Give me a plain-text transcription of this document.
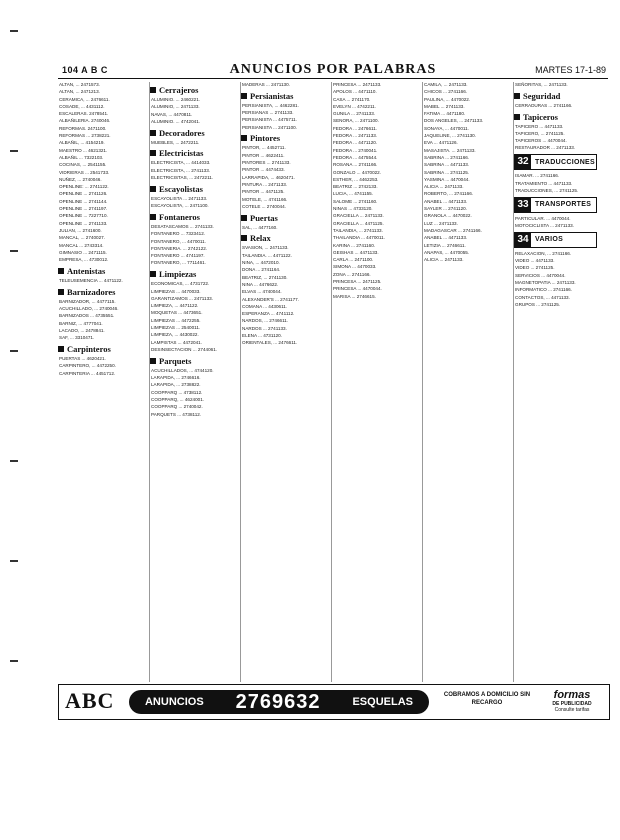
104 A B C	ANUNCIOS POR PALABRAS	MARTES 17-1-89
ALTAN, ... 2471573.
ALTAN, ... 2471213.
CERAMICA, ... 2476611.
COSADE, ... 4431112.
ESCALERAS. 2478541.
ALBAÑILERIA. 2740046.
REFORMAS. 2471100.
REFORMAS ... 2738221.
ALBAÑIL, ... 4154219.
MAESTRO ... 4621321.
ALBAÑIL ... 7322103.
COCINAS, ... 2541155.
VIDRIERAS ... 2541733.
NUÑEZ, ... 2740046.
OPENLINE: ... 2741122.
OPENLINE ... 2741126.
OPENLINE ... 2741144.
OPENLINE ... 2741197.
OPENLINE ... 7227710.
OPENLINE ... 2741133.
JULIAN, ... 2741600.
MANCAL, ... 2740027.
MANCAL ... 2743314.
GIMNASIO ... 2471115.
EMPRESA, ... 4730012.
Antenistas
TELEUSEMENCIA ... 4471122.
Barnizadores
BARNIZADOR, ... 4477115.
ACUCHILLADO, ... 2740046.
BARNIZADOS ... 4735551.
BARNIZ, ... 4777041.
LACADO, ... 2478841.
SAF, ... 3310471.
Carpinteros
PUERTAS ... 4620421.
CARPINTERO, ... 4472250.
CARPINTERIA ... 4451712.
Cerrajeros
ALUMINIO. ... 2460221.
ALUMINIO, ... 2471133.
NAVAS, ... 4470811.
ALUMINIO. ... 4742041.
Decoradores
MUEBLES, ... 2472211.
Electricistas
ELECTRICISTA, ... 4414033.
ELECTRICISTA, ... 2741133.
ELECTRICISTAS, ... 2472211.
Escayolistas
ESCAYOLISTA ... 2471133.
ESCAYOLISTA, ... 2471100.
Fontaneros
DESATASCAMOS ... 2741133.
FONTANERO ... 7323412.
FONTANERO, ... 4470011.
FONTANERIA. ... 2742122.
FONTANERO ... 4741197.
FONTANERO, ... 7711461.
Limpiezas
ECONOMICAS, ... 4731722.
LIMPIEZAS ... 4470033.
GARANTIZAMOS ... 2471133.
LIMPIEZA, ... 4471122.
MOQUETAS ... 4473651.
LIMPIEZAS ... 4472255.
LIMPIEZAS ... 2540011.
LIMPIEZA, ... 4430022.
LAMPISTAS ... 4472041.
DESINSECTACION ... 2744061.
Parquets
ACUCHILLADOS, ... 4744120.
LARAPIDA, ... 2746616.
LARAPIDA, ... 2738822.
COOPPARQ ... 4738112.
COOPPARQ, ... 4624001.
COOPPARQ ... 2740042.
PARQUETS ... 4738112.
MADERAS ... 2471130.
Persianistas
PERSIANISTA, ... 4462281.
PERSIANAS ... 2741133.
PERSIANISTA ... 4475711.
PERSIANISTA ... 2471100.
Pintores
PINTOR, ... 4452711.
PINTOR ... 4622411.
PINTORES ... 2741133.
PINTOR ... 4474433.
LARRAPIDA, ... 4620471.
PINTURA ... 2471133.
PINTOR ... 4471125.
MOTELE, ... 4741166.
COTELE ... 2740044.
Puertas
SAL, ... 4477160.
Relax
SVASION, ... 2471133.
TAILANDIA. ... 4471122.
NINA, ... 4472010.
DONA ... 2741164.
BEATRIZ, ... 2741130.
NINA ... 4476622.
ELVAS ... 4740044.
ALEXANDER'S ... 2741177.
COMANA ... 4430611.
ESPERANZA ... 4741112.
NARDOS, ... 2746611.
NARDOS ... 2741133.
ELENA ... 4731120.
ORIENTALES, ... 2476611.
PRINCESA ... 2471133.
APOLOS ... 4471110.
CASA ... 2741170.
EVELYN ... 4742211.
GUNILA ... 2741133.
SENORA, ... 2471100.
FEDORA ... 2476611.
FEDORA ... 2471133.
FEDORA ... 4471120.
FEDORA ... 2740041.
FEDORA ... 4475544.
ROSANA ... 2741166.
GONZALO ... 4470022.
ESTHER, ... 4462253.
BEATRIZ ... 2742133.
LUCIA, ... 4741155.
SALOME ... 2741160.
NINAS ... 4733120.
GRACIELLA ... 2471133.
GRACIELLA ... 4471125.
TAILANDIA, ... 2741133.
THAILANDIA ... 4470011.
KARINA ... 2741160.
GEISHAS ... 4471133.
CARLA ... 2471100.
SIMONA ... 4470033.
ZONA ... 2741166.
PRINCESA ... 2471125.
PRINCESA ... 4470044.
MARISA ... 2746615.
CAMILA, ... 2471133.
CHICOS ... 2741166.
PAULINA, ... 4470022.
MABEL ... 2741133.
FATIMA ... 4471180.
DOS ANGELES, ... 2471133.
SONAYA, ... 4470011.
JAQUELINE, ... 2741130.
EVA ... 4471126.
MASAJISTA. ... 2471133.
SABRINA ... 2741166.
SABRINA ... 4471133.
SABRINA ... 2741125.
YASMINA ... 4470044.
ALICIA ... 2471133.
ROBERTO, ... 2741166.
ANABEL ... 4471133.
SAYLER ... 2741120.
GRANOLA ... 4470022.
LUZ ... 2471133.
MADAGASCAR ... 2741166.
ANABEL ... 4471133.
LETIZIA ... 2746611.
ANAPAS, ... 4470055.
ALICIA ... 2471133.
SEÑORITAS, ... 2471133.
Seguridad
CERRADURAS ... 2741166.
Tapiceros
TAPICERO ... 4471133.
TAPICERO, ... 2741125.
TAPICEROS ... 4470044.
RESTAURADOR ... 2471133.
32 TRADUCCIONES
ISAMAR. ... 2741166.
TRATAMIENTO ... 4471133.
TRADUCCIONES, ... 2741125.
33 TRANSPORTES
PARTICULAR. ... 4470044.
MOTOCICLISTA ... 2471133.
34 VARIOS
RELAXACION, ... 2741166.
VIDEO ... 4471133.
VIDEO ... 2741125.
SERVICIOS ... 4470044.
MAGNETOPATIA ... 2471133.
INFORMATICO ... 2741166.
CONTACTOS, ... 4471133.
GRUPOS ... 2741125.
ABC	ANUNCIOS 2769632	ESQUELAS
COBRAMOS A DOMICILIO SIN RECARGO
formas
DE PUBLICIDAD
Consulte tarifas
